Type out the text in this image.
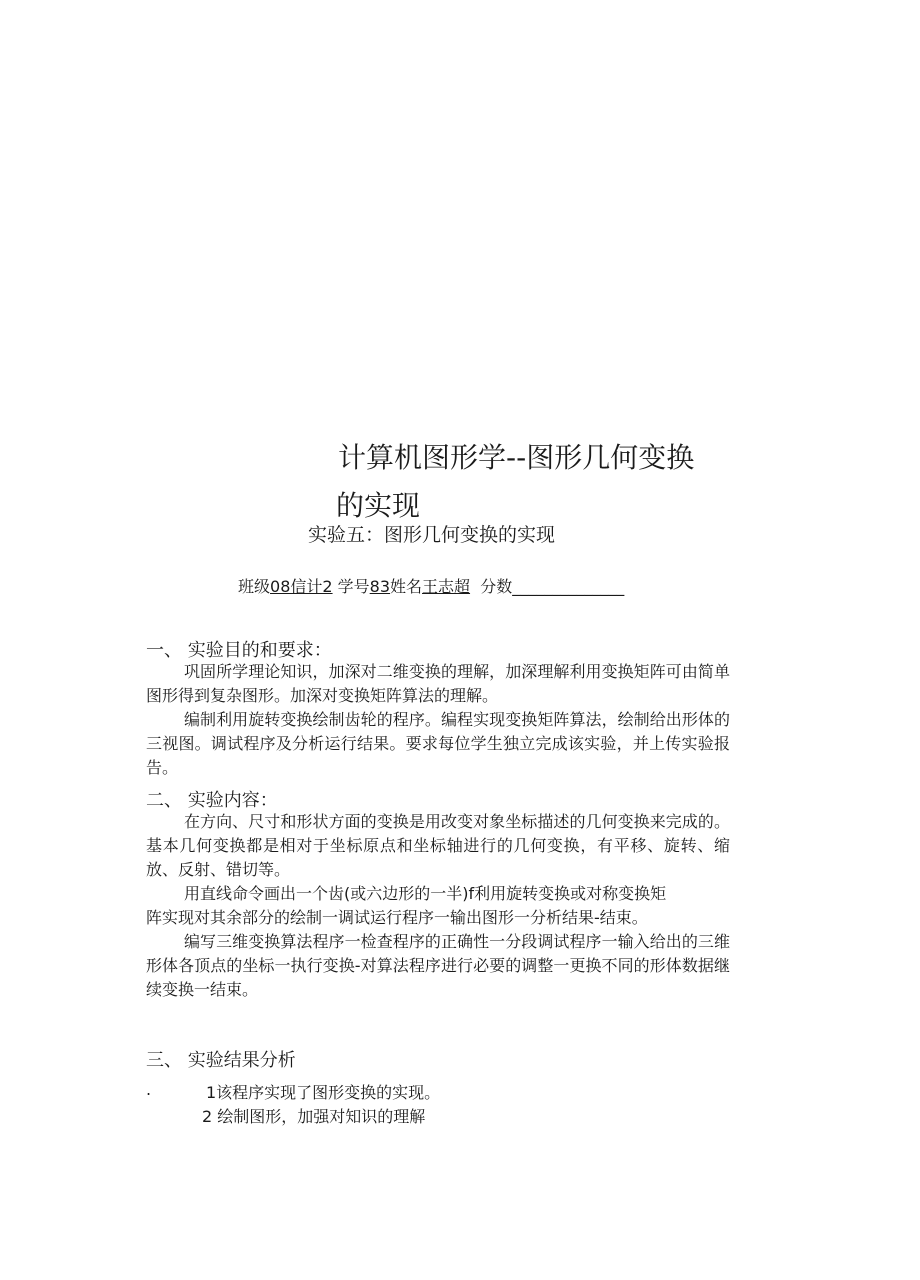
计算机图形学--图形几何变换
的实现
实验五：图形几何变换的实现
班级08信计2 学号83姓名王志超  分数______________
一、 实验目的和要求：
巩固所学理论知识，加深对二维变换的理解，加深理解利用变换矩阵可由简单图形得到复杂图形。加深对变换矩阵算法的理解。
编制利用旋转变换绘制齿轮的程序。编程实现变换矩阵算法，绘制给出形体的三视图。调试程序及分析运行结果。要求每位学生独立完成该实验，并上传实验报告。
二、 实验内容：
在方向、尺寸和形状方面的变换是用改变对象坐标描述的几何变换来完成的。基本几何变换都是相对于坐标原点和坐标轴进行的几何变换，有平移、旋转、缩放、反射、错切等。
用直线命令画出一个齿(或六边形的一半)f利用旋转变换或对称变换矩
阵实现对其余部分的绘制一调试运行程序一输出图形一分析结果-结束。
编写三维变换算法程序一检查程序的正确性一分段调试程序一输入给出的三维形体各顶点的坐标一执行变换-对算法程序进行必要的调整一更换不同的形体数据继续变换一结束。
三、 实验结果分析
.	1该程序实现了图形变换的实现。
2 绘制图形，加强对知识的理解
